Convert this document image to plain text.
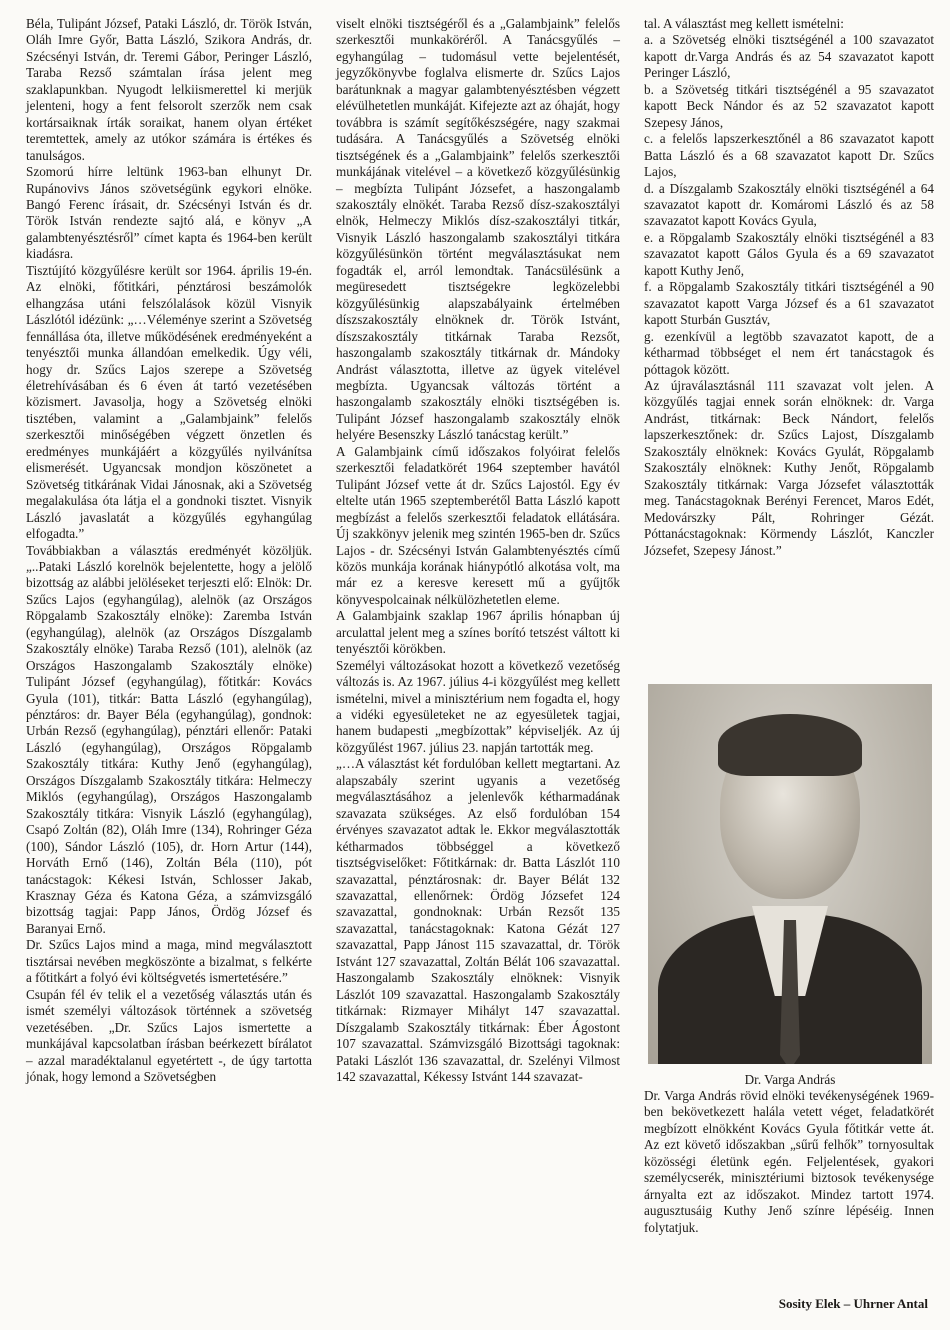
Béla, Tulipánt József, Pataki László, dr. Török István, Oláh Imre Győr, Batta László, Szikora András, dr. Szécsényi István, dr. Teremi Gábor, Peringer László, Taraba Rezső számtalan írása jelent meg szaklapunkban. Nyugodt lelkiismerettel ki merjük jelenteni, hogy a fent felsorolt szerzők nem csak kortársaiknak írták soraikat, hanem olyan értéket teremtettek, amely az utókor számára is értékes és tanulságos.

Szomorú hírre leltünk 1963-ban elhunyt Dr. Rupánovivs János szövetségünk egykori elnöke. Bangó Ferenc írásait, dr. Szécsényi István és dr. Török István rendezte sajtó alá, e könyv „A galambtenyésztésről” címet kapta és 1964-ben került kiadásra.

Tisztújító közgyűlésre került sor 1964. április 19-én. Az elnöki, főtitkári, pénztárosi beszámolók elhangzása utáni felszólalások közül Visnyik Lászlótól idézünk: „…Véleménye szerint a Szövetség fennállása óta, illetve működésének eredményeként a tenyésztői munka állandóan emelkedik. Úgy véli, hogy dr. Szűcs Lajos szerepe a Szövetség életrehívásában és 6 éven át tartó vezetésében közismert. Javasolja, hogy a Szövetség elnöki tisztében, valamint a „Galambjaink” felelős szerkesztői minőségében végzett önzetlen és eredményes munkájáért a közgyűlés nyilvánítsa elismerését. Ugyancsak mondjon köszönetet a Szövetség titkárának Vidai Jánosnak, aki a Szövetség megalakulása óta látja el a gondnoki tisztet. Visnyik László javaslatát a közgyűlés egyhangúlag elfogadta.”

Továbbiakban a választás eredményét közöljük. „..Pataki László korelnök bejelentette, hogy a jelölő bizottság az alábbi jelöléseket terjeszti elő: Elnök: Dr. Szűcs Lajos (egyhangúlag), alelnök (az Országos Röpgalamb Szakosztály elnöke): Zaremba István (egyhangúlag), alelnök (az Országos Díszgalamb Szakosztály elnöke) Taraba Rezső (101), alelnök (az Országos Haszongalamb Szakosztály elnöke) Tulipánt József (egyhangúlag), főtitkár: Kovács Gyula (101), titkár: Batta László (egyhangúlag), pénztáros: dr. Bayer Béla (egyhangúlag), gondnok: Urbán Rezső (egyhangúlag), pénztári ellenőr: Pataki László (egyhangúlag), Országos Röpgalamb Szakosztály titkára: Kuthy Jenő (egyhangúlag), Országos Díszgalamb Szakosztály titkára: Helmeczy Miklós (egyhangúlag), Országos Haszongalamb Szakosztály titkára: Visnyik László (egyhangúlag), Csapó Zoltán (82), Oláh Imre (134), Rohringer Géza (100), Sándor László (105), dr. Horn Artur (144), Horváth Ernő (146), Zoltán Béla (110), pót tanácstagok: Kékesi István, Schlosser Jakab, Krasznay Géza és Katona Géza, a számvizsgáló bizottság tagjai: Papp János, Ördög József és Baranyai Ernő.

Dr. Szűcs Lajos mind a maga, mind megválasztott tisztársai nevében megköszönte a bizalmat, s felkérte a főtitkárt a folyó évi költségvetés ismertetésére.”

Csupán fél év telik el a vezetőség választás után és ismét személyi változások történnek a szövetség vezetésében. „Dr. Szűcs Lajos ismertette a munkájával kapcsolatban írásban beérkezett bírálatot – azzal maradéktalanul egyetértett -, de úgy tartotta jónak, hogy lemond a Szövetségben

viselt elnöki tisztségéről és a „Galambjaink” felelős szerkesztői munkaköréről. A Tanácsgyűlés – egyhangúlag – tudomásul vette bejelentését, jegyzőkönyvbe foglalva elismerte dr. Szűcs Lajos barátunknak a magyar galambtenyésztésben végzett elévülhetetlen munkáját. Kifejezte azt az óhaját, hogy továbbra is számít segítőkészségére, nagy szakmai tudására. A Tanácsgyűlés a Szövetség elnöki tisztségének és a „Galambjaink” felelős szerkesztői munkájának vitelével – a következő közgyűlésünkig – megbízta Tulipánt Józsefet, a haszongalamb szakosztály elnökét. Taraba Rezső dísz-szakosztályi elnök, Helmeczy Miklós dísz-szakosztályi titkár, Visnyik László haszongalamb szakosztályi titkára közgyűlésünkön történt megválasztásukat nem fogadták el, arról lemondtak. Tanácsülésünk a megüresedett tisztségekre legközelebbi közgyűlésünkig alapszabályaink értelmében díszszakosztály elnöknek dr. Török Istvánt, díszszakosztály titkárnak Taraba Rezsőt, haszongalamb szakosztály titkárnak dr. Mándoky Andrást választotta, illetve az ügyek vitelével megbízta. Ugyancsak változás történt a haszongalamb szakosztály elnöki tisztségében is. Tulipánt József haszongalamb szakosztály elnök helyére Besenszky László tanácstag került.”

A Galambjaink című időszakos folyóirat felelős szerkesztői feladatkörét 1964 szeptember havától Tulipánt József vette át dr. Szűcs Lajostól. Egy év eltelte után 1965 szeptemberétől Batta László kapott megbízást a felelős szerkesztői feladatok ellátására. Új szakkönyv jelenik meg szintén 1965-ben dr. Szűcs Lajos - dr. Szécsényi István Galambtenyésztés című közös munkája korának hiánypótló alkotása volt, ma már ez a keresve keresett mű a gyűjtők könyvespolcainak nélkülözhetetlen eleme.

A Galambjaink szaklap 1967 április hónapban új arculattal jelent meg a színes borító tetszést váltott ki tenyésztői körökben.

Személyi változásokat hozott a következő vezetőség változás is. Az 1967. július 4-i közgyűlést meg kellett ismételni, mivel a minisztérium nem fogadta el, hogy a vidéki egyesületeket ne az egyesületek tagjai, hanem budapesti „megbízottak” képviseljék. Az új közgyűlést 1967. július 23. napján tartották meg.

„…A választást két fordulóban kellett megtartani. Az alapszabály szerint ugyanis a vezetőség megválasztásához a jelenlevők kétharmadának szavazata szükséges. Az első fordulóban 154 érvényes szavazatot adtak le. Ekkor megválasztották kétharmados többséggel a következő tisztségviselőket: Főtitkárnak: dr. Batta Lászlót 110 szavazattal, pénztárosnak: dr. Bayer Bélát 132 szavazattal, ellenőrnek: Ördög Józsefet 124 szavazattal, gondnoknak: Urbán Rezsőt 135 szavazattal, tanácstagoknak: Katona Gézát 127 szavazattal, Papp Jánost 115 szavazattal, dr. Török Istvánt 127 szavazattal, Zoltán Bélát 106 szavazattal. Haszongalamb Szakosztály elnöknek: Visnyik Lászlót 109 szavazattal. Haszongalamb Szakosztály titkárnak: Rizmayer Mihályt 147 szavazattal. Díszgalamb Szakosztály titkárnak: Éber Ágostont 107 szavazattal. Számvizsgáló Bizottsági tagoknak: Pataki Lászlót 136 szavazattal, dr. Szelényi Vilmost 142 szavazattal, Kékessy Istvánt 144 szavazat-

tal. A választást meg kellett ismételni:

a. a Szövetség elnöki tisztségénél a 100 szavazatot kapott dr.Varga András és az 54 szavazatot kapott Peringer László,

b. a Szövetség titkári tisztségénél a 95 szavazatot kapott Beck Nándor és az 52 szavazatot kapott Szepesy János,

c. a felelős lapszerkesztőnél a 86 szavazatot kapott Batta László és a 68 szavazatot kapott Dr. Szűcs Lajos,

d. a Díszgalamb Szakosztály elnöki tisztségénél a 64 szavazatot kapott dr. Komáromi László és az 58 szavazatot kapott Kovács Gyula,

e. a Röpgalamb Szakosztály elnöki tisztségénél a 83 szavazatot kapott Gálos Gyula és a 69 szavazatot kapott Kuthy Jenő,

f. a Röpgalamb Szakosztály titkári tisztségénél a 90 szavazatot kapott Varga József és a 61 szavazatot kapott Sturbán Gusztáv,

g. ezenkívül a legtöbb szavazatot kapott, de a kétharmad többséget el nem ért tanácstagok és póttagok között.

Az újraválasztásnál 111 szavazat volt jelen. A közgyűlés tagjai ennek során elnöknek: dr. Varga Andrást, titkárnak: Beck Nándort, felelős lapszerkesztőnek: dr. Szűcs Lajost, Díszgalamb Szakosztály elnöknek: Kovács Gyulát, Röpgalamb Szakosztály elnöknek: Kuthy Jenőt, Röpgalamb Szakosztály titkárnak: Varga Józsefet választották meg. Tanácstagoknak Berényi Ferencet, Maros Edét, Medovárszky Pált, Rohringer Gézát. Póttanácstagoknak: Körmendy Lászlót, Kanczler Józsefet, Szepesy Jánost.”

Dr. Varga András

Dr. Varga András rövid elnöki tevékenységének 1969-ben bekövetkezett halála vetett véget, feladatkörét megbízott elnökként Kovács Gyula főtitkár vette át. Az ezt követő időszakban „sűrű felhők” tornyosultak közösségi életünk egén. Feljelentések, gyakori személycserék, minisztériumi biztosok tevékenysége árnyalta ezt az időszakot. Mindez tartott 1974. augusztusáig Kuthy Jenő színre lépéséig. Innen folytatjuk.

Sosity Elek – Uhrner Antal
